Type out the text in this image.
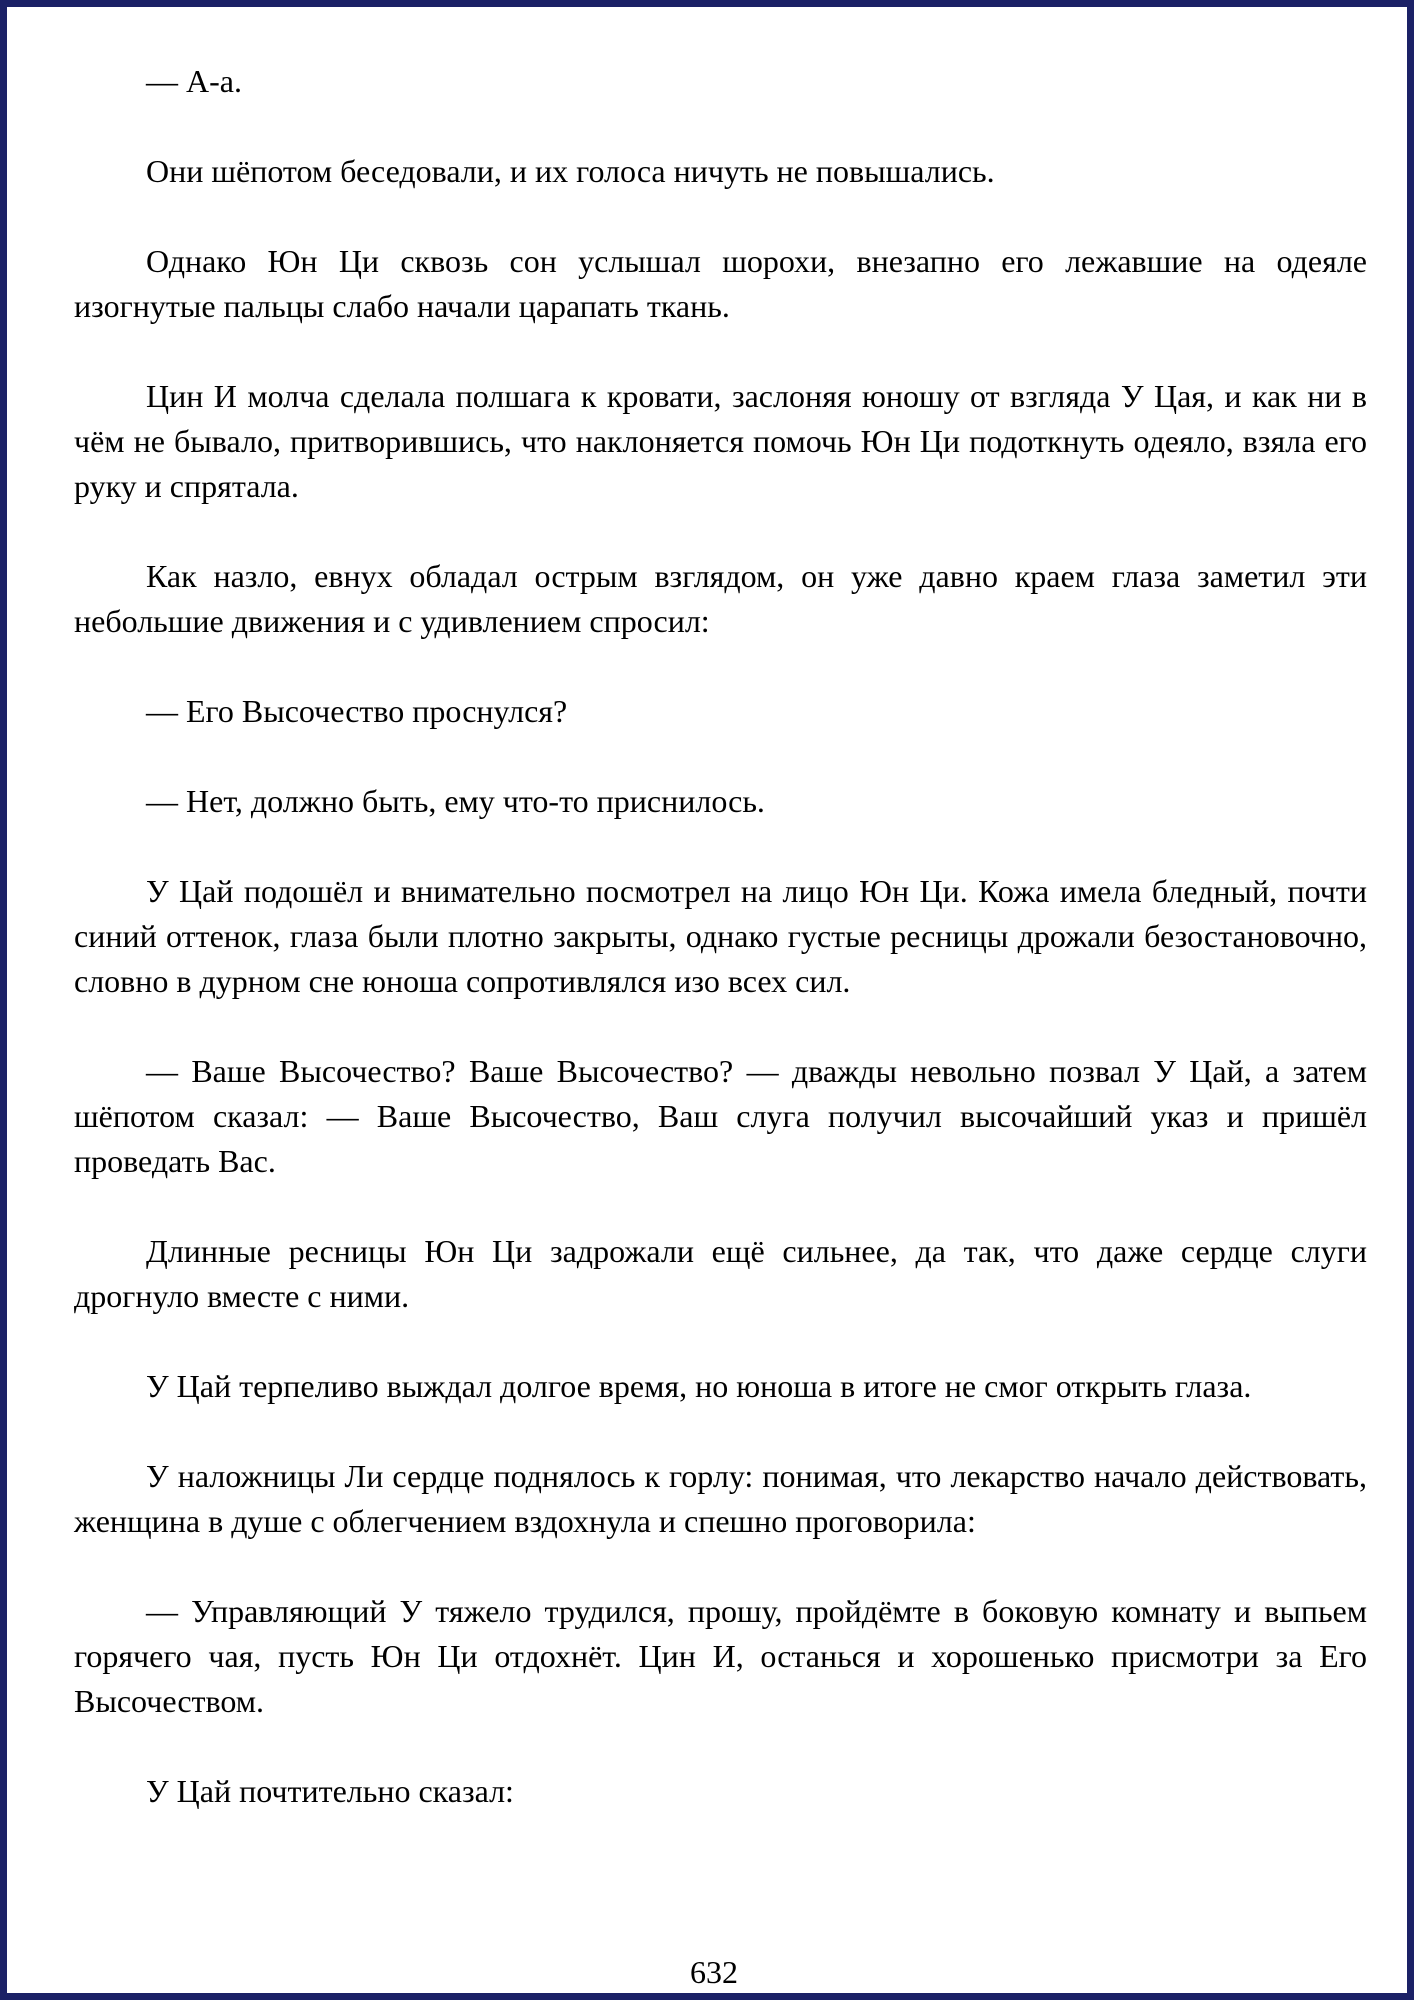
— А-а.

Они шёпотом беседовали, и их голоса ничуть не повышались.

Однако Юн Ци сквозь сон услышал шорохи, внезапно его лежавшие на одеяле изогнутые пальцы слабо начали царапать ткань.

Цин И молча сделала полшага к кровати, заслоняя юношу от взгляда У Цая, и как ни в чём не бывало, притворившись, что наклоняется помочь Юн Ци подоткнуть одеяло, взяла его руку и спрятала.

Как назло, евнух обладал острым взглядом, он уже давно краем глаза заметил эти небольшие движения и с удивлением спросил:

— Его Высочество проснулся?

— Нет, должно быть, ему что-то приснилось.

У Цай подошёл и внимательно посмотрел на лицо Юн Ци. Кожа имела бледный, почти синий оттенок, глаза были плотно закрыты, однако густые ресницы дрожали безостановочно, словно в дурном сне юноша сопротивлялся изо всех сил.

— Ваше Высочество? Ваше Высочество? — дважды невольно позвал У Цай, а затем шёпотом сказал: — Ваше Высочество, Ваш слуга получил высочайший указ и пришёл проведать Вас.

Длинные ресницы Юн Ци задрожали ещё сильнее, да так, что даже сердце слуги дрогнуло вместе с ними.

У Цай терпеливо выждал долгое время, но юноша в итоге не смог открыть глаза.

У наложницы Ли сердце поднялось к горлу: понимая, что лекарство начало действовать, женщина в душе с облегчением вздохнула и спешно проговорила:

— Управляющий У тяжело трудился, прошу, пройдёмте в боковую комнату и выпьем горячего чая, пусть Юн Ци отдохнёт. Цин И, останься и хорошенько присмотри за Его Высочеством.

У Цай почтительно сказал:

632
